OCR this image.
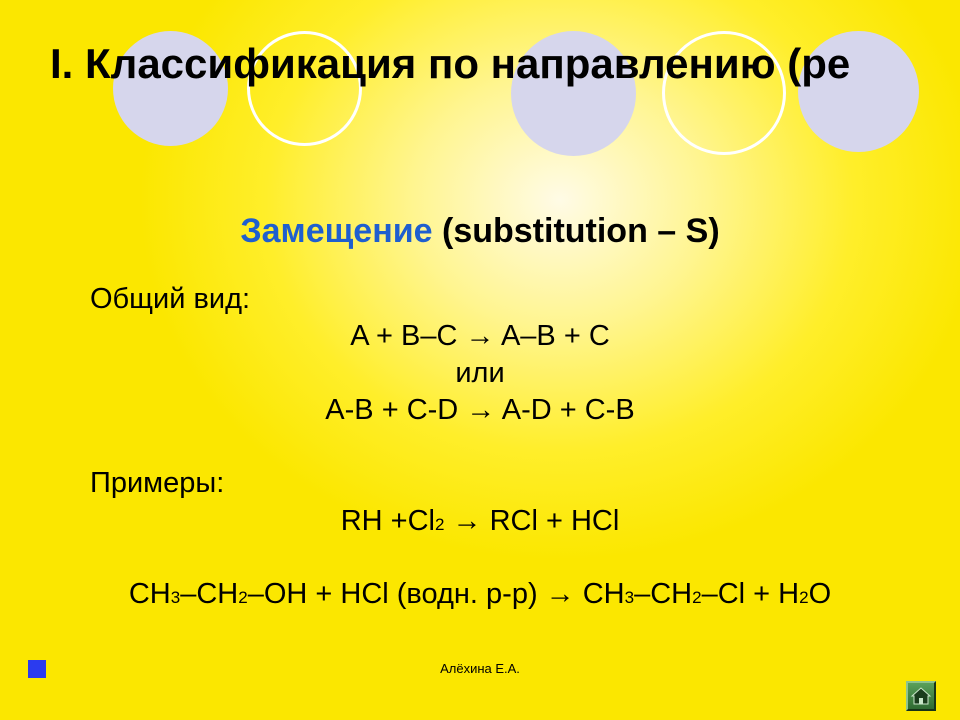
I. Классификация по направлению (ре
Замещение (substitution – S)
Общий вид:
A + B–C → A–B + C
или
A-B + C-D → A-D + C-B
Примеры:
RH +Cl2 → RCl + HCl
CH3–CH2–OH + HCl (водн. р-р) → CH3–CH2–Cl + H2O
Алёхина Е.А.
